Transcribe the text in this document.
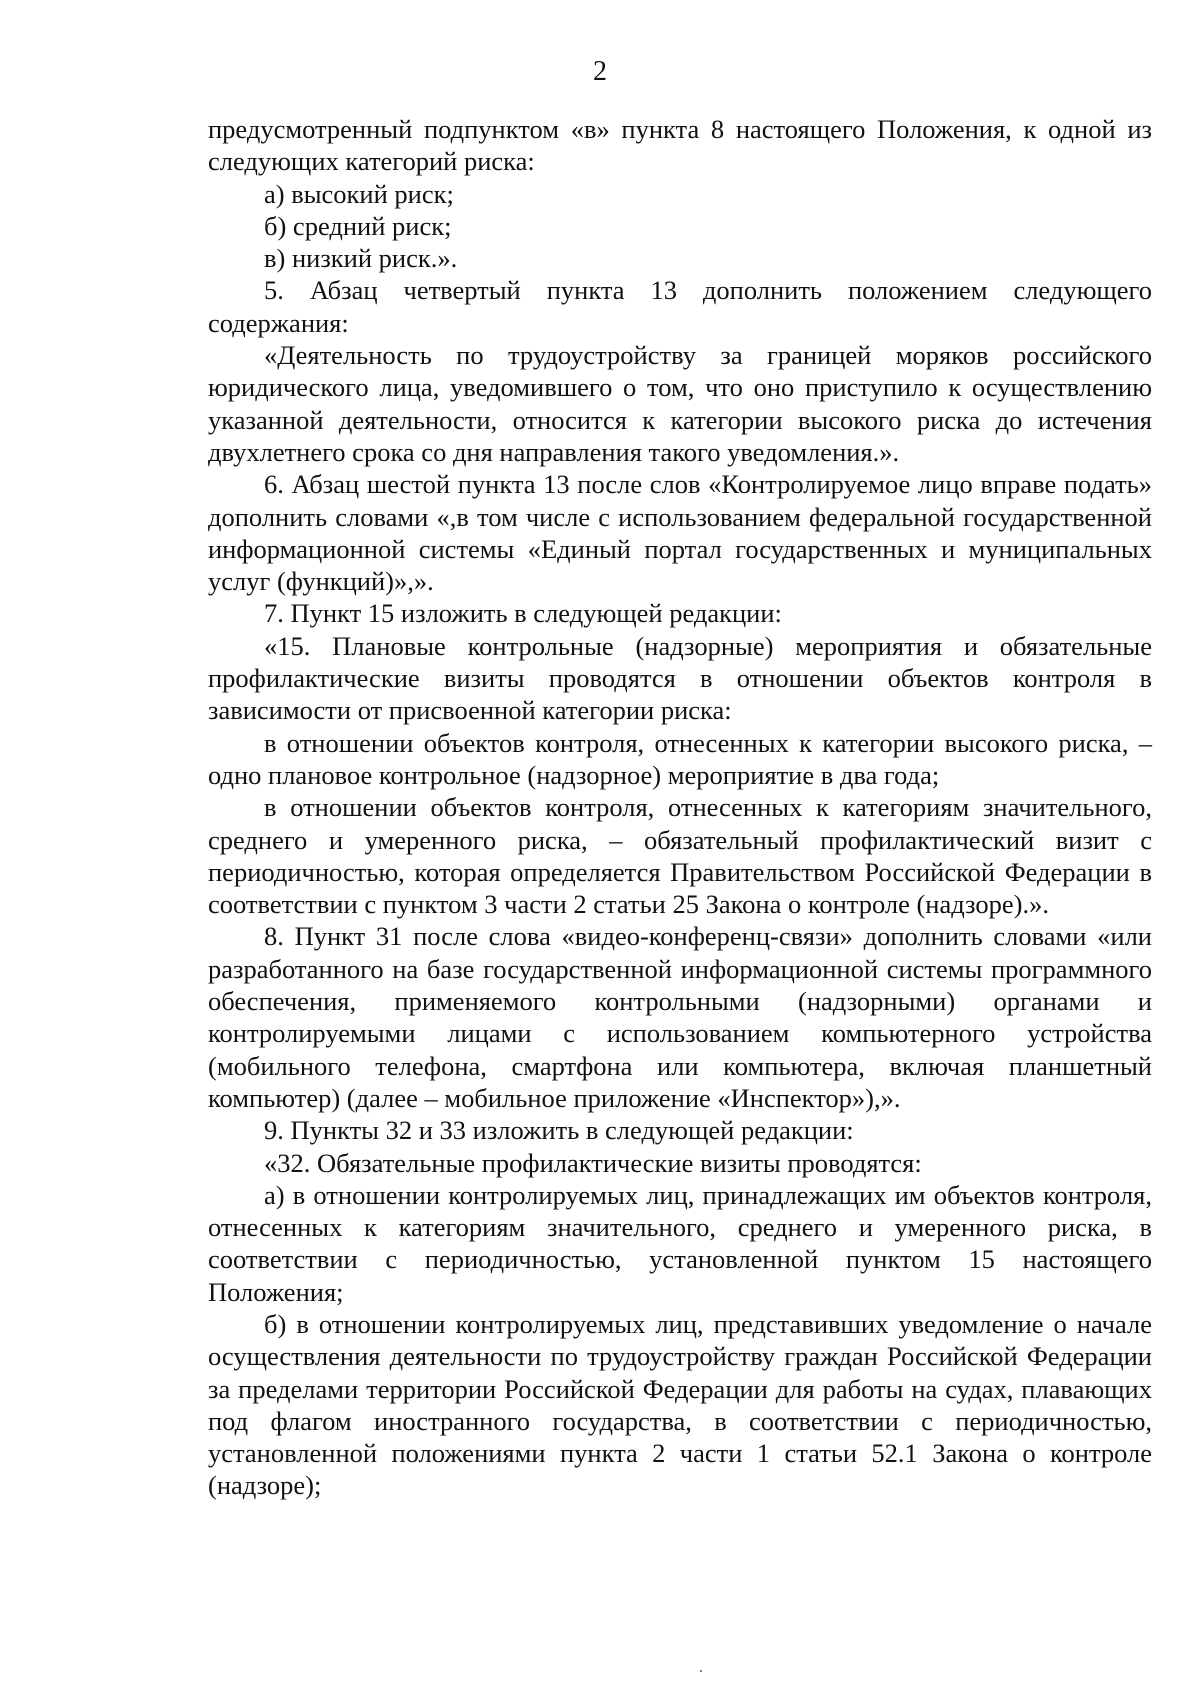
2

предусмотренный подпунктом «в» пункта 8 настоящего Положения, к одной из следующих категорий риска:

а) высокий риск;

б) средний риск;

в) низкий риск.».

5. Абзац четвертый пункта 13 дополнить положением следующего содержания:

«Деятельность по трудоустройству за границей моряков российского юридического лица, уведомившего о том, что оно приступило к осуществлению указанной деятельности, относится к категории высокого риска до истечения двухлетнего срока со дня направления такого уведомления.».

6. Абзац шестой пункта 13 после слов «Контролируемое лицо вправе подать» дополнить словами «,в том числе с использованием федеральной государственной информационной системы «Единый портал государственных и муниципальных услуг (функций)»,».

7. Пункт 15 изложить в следующей редакции:

«15. Плановые контрольные (надзорные) мероприятия и обязательные профилактические визиты проводятся в отношении объектов контроля в зависимости от присвоенной категории риска:

в отношении объектов контроля, отнесенных к категории высокого риска, – одно плановое контрольное (надзорное) мероприятие в два года;

в отношении объектов контроля, отнесенных к категориям значительного, среднего и умеренного риска, – обязательный профилактический визит с периодичностью, которая определяется Правительством Российской Федерации в соответствии с пунктом 3 части 2 статьи 25 Закона о контроле (надзоре).».

8. Пункт 31 после слова «видео-конференц-связи» дополнить словами «или разработанного на базе государственной информационной системы программного обеспечения, применяемого контрольными (надзорными) органами и контролируемыми лицами с использованием компьютерного устройства (мобильного телефона, смартфона или компьютера, включая планшетный компьютер) (далее – мобильное приложение «Инспектор»),».

9. Пункты 32 и 33 изложить в следующей редакции:

«32. Обязательные профилактические визиты проводятся:

а) в отношении контролируемых лиц, принадлежащих им объектов контроля, отнесенных к категориям значительного, среднего и умеренного риска, в соответствии с периодичностью, установленной пунктом 15 настоящего Положения;

б) в отношении контролируемых лиц, представивших уведомление о начале осуществления деятельности по трудоустройству граждан Российской Федерации за пределами территории Российской Федерации для работы на судах, плавающих под флагом иностранного государства, в соответствии с периодичностью, установленной положениями пункта 2 части 1 статьи 52.1 Закона о контроле (надзоре);
